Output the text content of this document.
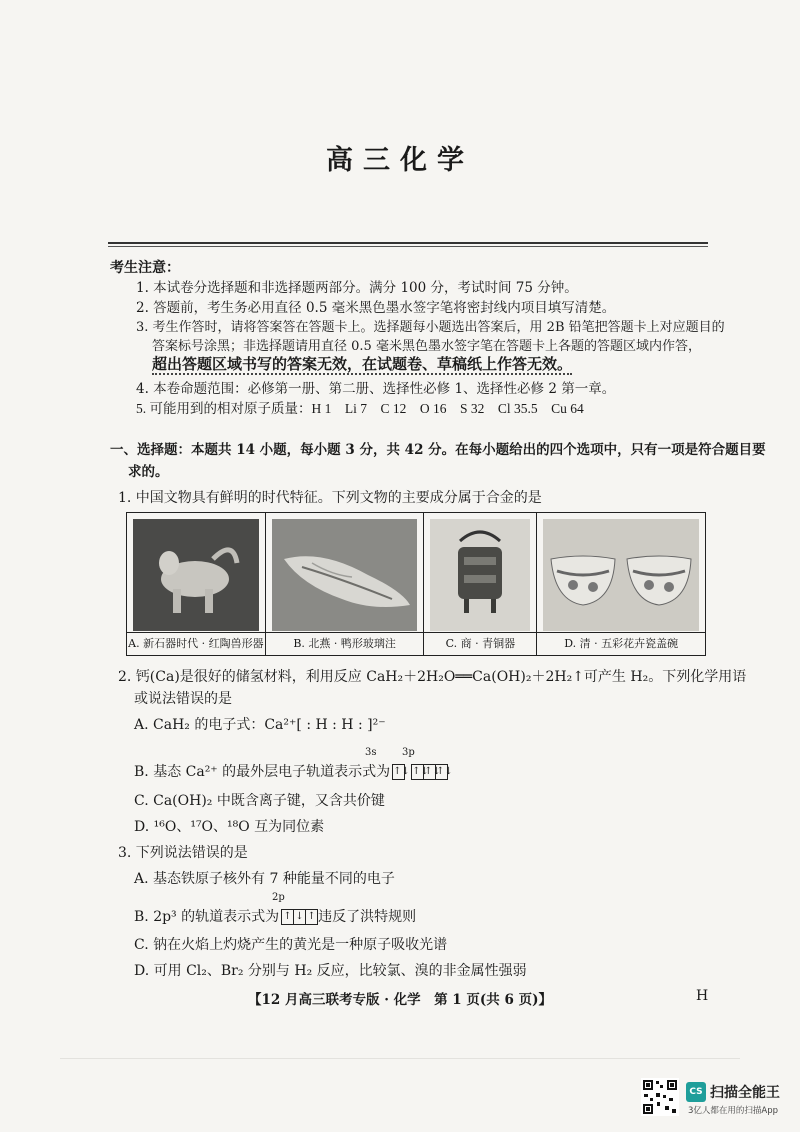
高三化学
考生注意：
1. 本试卷分选择题和非选择题两部分。满分 100 分，考试时间 75 分钟。
2. 答题前，考生务必用直径 0.5 毫米黑色墨水签字笔将密封线内项目填写清楚。
3. 考生作答时，请将答案答在答题卡上。选择题每小题选出答案后，用 2B 铅笔把答题卡上对应题目的
答案标号涂黑；非选择题请用直径 0.5 毫米黑色墨水签字笔在答题卡上各题的答题区域内作答，
超出答题区域书写的答案无效，在试题卷、草稿纸上作答无效。
4. 本卷命题范围：必修第一册、第二册、选择性必修 1、选择性必修 2 第一章。
5. 可能用到的相对原子质量：H 1　Li 7　C 12　O 16　S 32　Cl 35.5　Cu 64
一、选择题：本题共 14 小题，每小题 3 分，共 42 分。在每小题给出的四个选项中，只有一项是符合题目要
求的。
1. 中国文物具有鲜明的时代特征。下列文物的主要成分属于合金的是
A. 新石器时代 · 红陶兽形器	B. 北燕 · 鸭形玻璃注	C. 商 · 青铜器	D. 清 · 五彩花卉瓷盖碗
2. 钙(Ca)是很好的储氢材料，利用反应 CaH₂＋2H₂O══Ca(OH)₂＋2H₂↑可产生 H₂。下列化学用语
或说法错误的是
A. CaH₂ 的电子式：Ca²⁺[ : H : H : ]²⁻
3s	3p
B. 基态 Ca²⁺ 的最外层电子轨道表示式为 ↑↓ ↑↓
↑↓
↑↓
C. Ca(OH)₂ 中既含离子键，又含共价键
D. ¹⁶O、¹⁷O、¹⁸O 互为同位素
3. 下列说法错误的是
A. 基态铁原子核外有 7 种能量不同的电子
2p
B. 2p³ 的轨道表示式为 ↑ ↓ ↑ 违反了洪特规则
C. 钠在火焰上灼烧产生的黄光是一种原子吸收光谱
D. 可用 Cl₂、Br₂ 分别与 H₂ 反应，比较氯、溴的非金属性强弱
【12 月高三联考专版 · 化学　第 1 页(共 6 页)】	H
CS 扫描全能王
3亿人都在用的扫描App
